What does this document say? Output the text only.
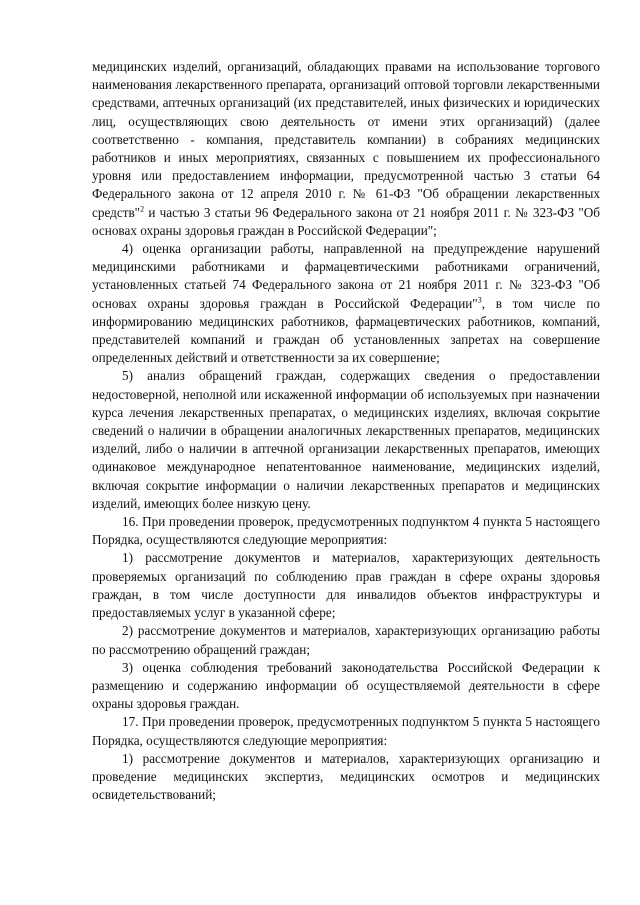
медицинских изделий, организаций, обладающих правами на использование торгового наименования лекарственного препарата, организаций оптовой торговли лекарственными средствами, аптечных организаций (их представителей, иных физических и юридических лиц, осуществляющих свою деятельность от имени этих организаций) (далее соответственно - компания, представитель компании) в собраниях медицинских работников и иных мероприятиях, связанных с повышением их профессионального уровня или предоставлением информации, предусмотренной частью 3 статьи 64 Федерального закона от 12 апреля 2010 г. № 61-ФЗ "Об обращении лекарственных средств"$^2$ и частью 3 статьи 96 Федерального закона от 21 ноября 2011 г. № 323-ФЗ "Об основах охраны здоровья граждан в Российской Федерации";

4) оценка организации работы, направленной на предупреждение нарушений медицинскими работниками и фармацевтическими работниками ограничений, установленных статьей 74 Федерального закона от 21 ноября 2011 г. № 323-ФЗ "Об основах охраны здоровья граждан в Российской Федерации"$^3$, в том числе по информированию медицинских работников, фармацевтических работников, компаний, представителей компаний и граждан об установленных запретах на совершение определенных действий и ответственности за их совершение;

5) анализ обращений граждан, содержащих сведения о предоставлении недостоверной, неполной или искаженной информации об используемых при назначении курса лечения лекарственных препаратах, о медицинских изделиях, включая сокрытие сведений о наличии в обращении аналогичных лекарственных препаратов, медицинских изделий, либо о наличии в аптечной организации лекарственных препаратов, имеющих одинаковое международное непатентованное наименование, медицинских изделий, включая сокрытие информации о наличии лекарственных препаратов и медицинских изделий, имеющих более низкую цену.

16. При проведении проверок, предусмотренных подпунктом 4 пункта 5 настоящего Порядка, осуществляются следующие мероприятия:

1) рассмотрение документов и материалов, характеризующих деятельность проверяемых организаций по соблюдению прав граждан в сфере охраны здоровья граждан, в том числе доступности для инвалидов объектов инфраструктуры и предоставляемых услуг в указанной сфере;

2) рассмотрение документов и материалов, характеризующих организацию работы по рассмотрению обращений граждан;

3) оценка соблюдения требований законодательства Российской Федерации к размещению и содержанию информации об осуществляемой деятельности в сфере охраны здоровья граждан.

17. При проведении проверок, предусмотренных подпунктом 5 пункта 5 настоящего Порядка, осуществляются следующие мероприятия:

1) рассмотрение документов и материалов, характеризующих организацию и проведение медицинских экспертиз, медицинских осмотров и медицинских освидетельствований;
